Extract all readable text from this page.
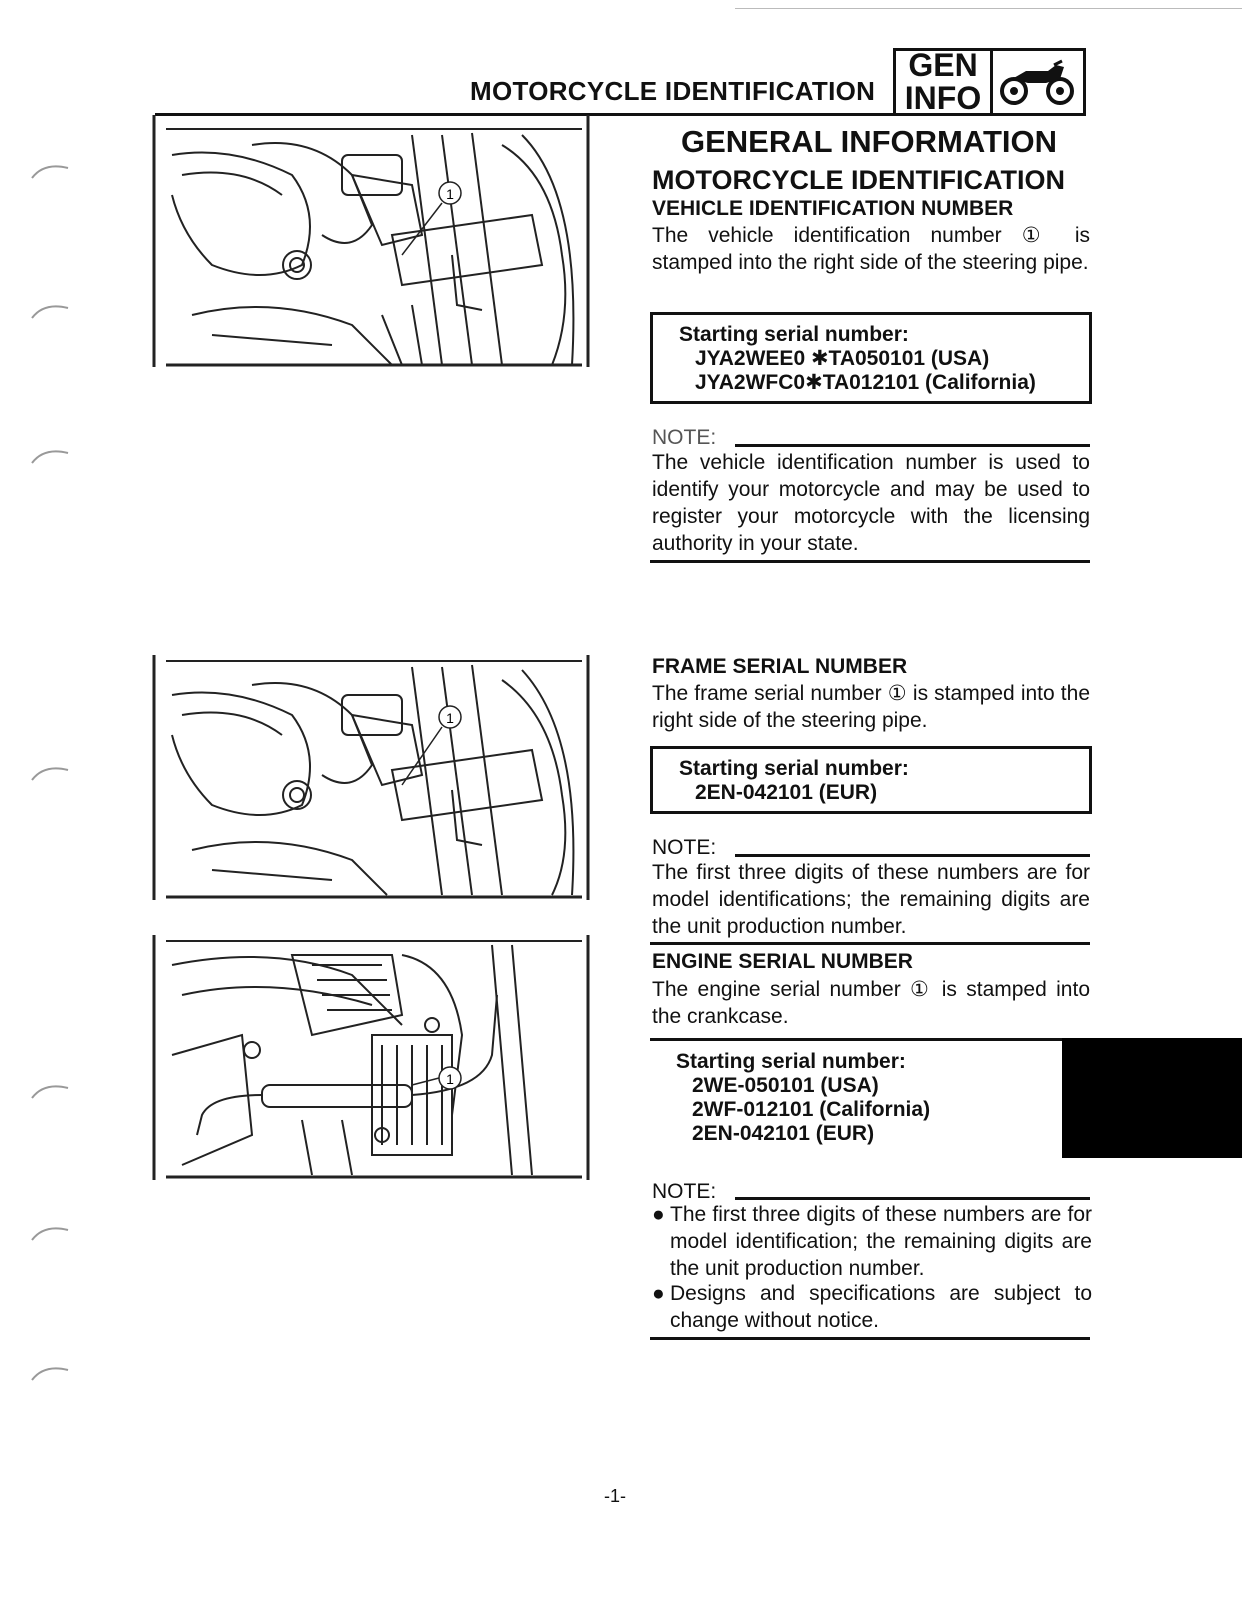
MOTORCYCLE IDENTIFICATION
GEN
INFO
GENERAL INFORMATION
MOTORCYCLE IDENTIFICATION
VEHICLE IDENTIFICATION NUMBER
The vehicle identification number ① is stamped into the right side of the steering pipe.
Starting serial number:
JYA2WEE0 ✱TA050101 (USA)
JYA2WFC0✱TA012101 (California)
NOTE:
The vehicle identification number is used to identify your motorcycle and may be used to register your motorcycle with the licensing authority in your state.
FRAME SERIAL NUMBER
The frame serial number ① is stamped into the right side of the steering pipe.
Starting serial number:
2EN-042101 (EUR)
NOTE:
The first three digits of these numbers are for model identifications; the remaining digits are the unit production number.
ENGINE SERIAL NUMBER
The engine serial number ① is stamped into the crankcase.
Starting serial number:
2WE-050101 (USA)
2WF-012101 (California)
2EN-042101 (EUR)
NOTE:
● The first three digits of these numbers are for model identification; the remaining digits are the unit production number.
● Designs and specifications are subject to change without notice.
1
1
1
-1-
